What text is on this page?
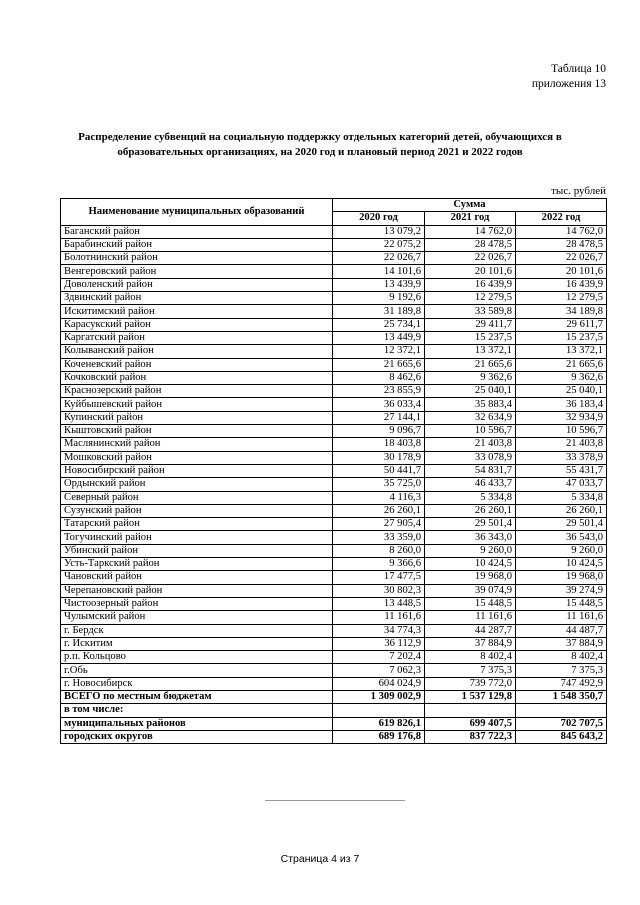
Таблица 10
приложения 13
Распределение субвенций на социальную поддержку отдельных категорий детей, обучающихся в образовательных организациях, на 2020 год и плановый период 2021 и 2022 годов
тыс. рублей
Наименование муниципальных образований	Сумма		
	2020 год	2021 год	2022 год
Баганский район	13 079,2	14 762,0	14 762,0
Барабинский район	22 075,2	28 478,5	28 478,5
Болотнинский район	22 026,7	22 026,7	22 026,7
Венгеровский район	14 101,6	20 101,6	20 101,6
Доволенский район	13 439,9	16 439,9	16 439,9
Здвинский район	9 192,6	12 279,5	12 279,5
Искитимский район	31 189,8	33 589,8	34 189,8
Карасукский район	25 734,1	29 411,7	29 611,7
Каргатский район	13 449,9	15 237,5	15 237,5
Колыванский район	12 372,1	13 372,1	13 372,1
Коченевский район	21 665,6	21 665,6	21 665,6
Кочковский район	8 462,6	9 362,6	9 362,6
Краснозерский район	23 855,9	25 040,1	25 040,1
Куйбышевский район	36 033,4	35 883,4	36 183,4
Купинский район	27 144,1	32 634,9	32 934,9
Кыштовский район	9 096,7	10 596,7	10 596,7
Маслянинский район	18 403,8	21 403,8	21 403,8
Мошковский район	30 178,9	33 078,9	33 378,9
Новосибирский район	50 441,7	54 831,7	55 431,7
Ордынский район	35 725,0	46 433,7	47 033,7
Северный район	4 116,3	5 334,8	5 334,8
Сузунский район	26 260,1	26 260,1	26 260,1
Татарский район	27 905,4	29 501,4	29 501,4
Тогучинский район	33 359,0	36 343,0	36 543,0
Убинский район	8 260,0	9 260,0	9 260,0
Усть-Таркский район	9 366,6	10 424,5	10 424,5
Чановский район	17 477,5	19 968,0	19 968,0
Черепановский район	30 802,3	39 074,9	39 274,9
Чистоозерный район	13 448,5	15 448,5	15 448,5
Чулымский район	11 161,6	11 161,6	11 161,6
г. Бердск	34 774,3	44 287,7	44 487,7
г. Искитим	36 112,9	37 884,9	37 884,9
р.п. Кольцово	7 202,4	8 402,4	8 402,4
г.Обь	7 062,3	7 375,3	7 375,3
г. Новосибирск	604 024,9	739 772,0	747 492,9
ВСЕГО по местным бюджетам	1 309 002,9	1 537 129,8	1 548 350,7
в том числе:			
муниципальных районов	619 826,1	699 407,5	702 707,5
городских округов	689 176,8	837 722,3	845 643,2
Страница 4 из 7
